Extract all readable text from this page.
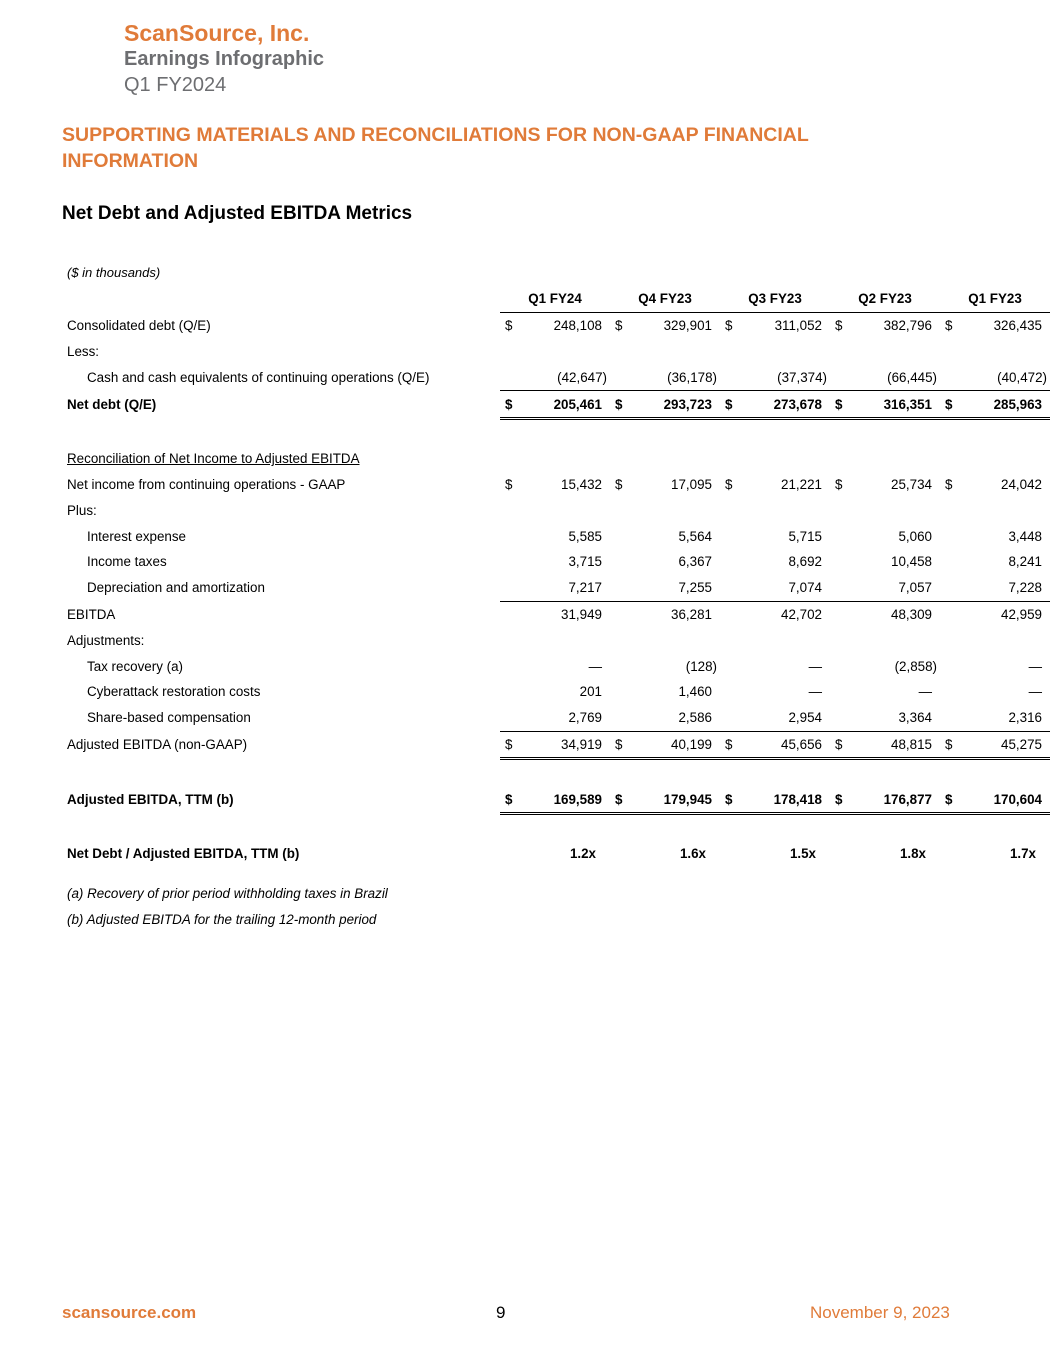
ScanSource, Inc.
Earnings Infographic
Q1 FY2024
SUPPORTING MATERIALS AND RECONCILIATIONS FOR NON-GAAP FINANCIAL INFORMATION
Net Debt and Adjusted EBITDA Metrics
($ in thousands)
	Q1 FY24		Q4 FY23		Q3 FY23		Q2 FY23		Q1 FY23	
Consolidated debt (Q/E)	$	248,108	$	329,901	$	311,052	$	382,796	$	326,435
Less:										
Cash and cash equivalents of continuing operations (Q/E)		(42,647)		(36,178)		(37,374)		(66,445)		(40,472)
Net debt (Q/E)	$	205,461	$	293,723	$	273,678	$	316,351	$	285,963

Reconciliation of Net Income to Adjusted EBITDA										
Net income from continuing operations - GAAP	$	15,432	$	17,095	$	21,221	$	25,734	$	24,042
Plus:										
Interest expense		5,585		5,564		5,715		5,060		3,448
Income taxes		3,715		6,367		8,692		10,458		8,241
Depreciation and amortization		7,217		7,255		7,074		7,057		7,228
EBITDA		31,949		36,281		42,702		48,309		42,959
Adjustments:										
Tax recovery (a)		—		(128)		—		(2,858)		—
Cyberattack restoration costs		201		1,460		—		—		—
Share-based compensation		2,769		2,586		2,954		3,364		2,316
Adjusted EBITDA (non-GAAP)	$	34,919	$	40,199	$	45,656	$	48,815	$	45,275

Adjusted EBITDA, TTM (b)	$	169,589	$	179,945	$	178,418	$	176,877	$	170,604

Net Debt / Adjusted EBITDA, TTM (b)		1.2x		1.6x		1.5x		1.8x		1.7x
(a) Recovery of prior period withholding taxes in Brazil
(b) Adjusted EBITDA for the trailing 12-month period
scansource.com	9	November 9, 2023
